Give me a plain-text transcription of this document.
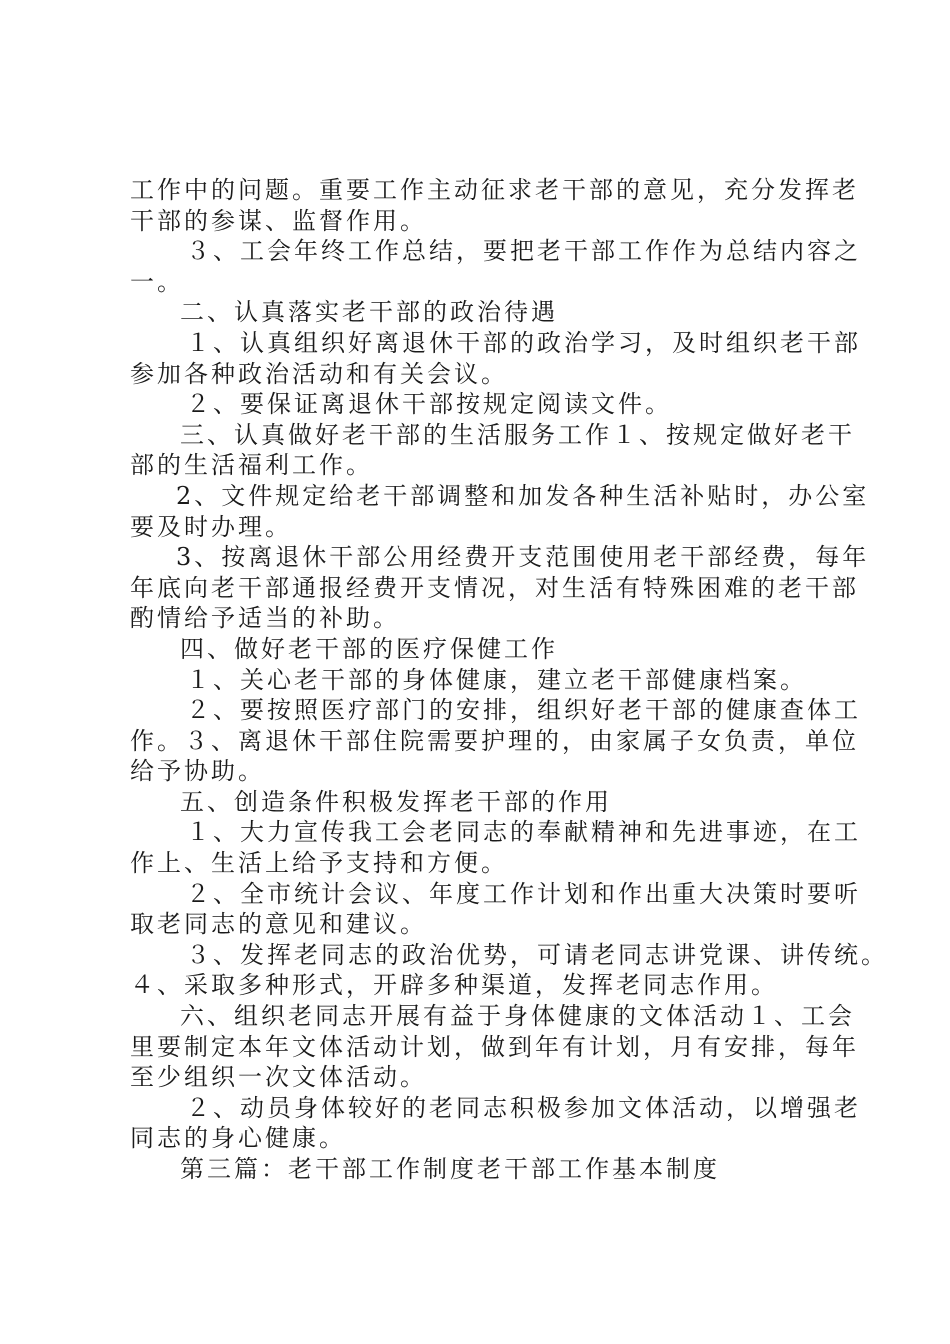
工作中的问题。重要工作主动征求老干部的意见，充分发挥老
干部的参谋、监督作用。
３、工会年终工作总结，要把老干部工作作为总结内容之
一。
二、认真落实老干部的政治待遇
１、认真组织好离退休干部的政治学习，及时组织老干部
参加各种政治活动和有关会议。
２、要保证离退休干部按规定阅读文件。
三、认真做好老干部的生活服务工作１、按规定做好老干
部的生活福利工作。
2、文件规定给老干部调整和加发各种生活补贴时，办公室
要及时办理。
3、按离退休干部公用经费开支范围使用老干部经费，每年
年底向老干部通报经费开支情况，对生活有特殊困难的老干部
酌情给予适当的补助。
四、做好老干部的医疗保健工作
１、关心老干部的身体健康，建立老干部健康档案。
２、要按照医疗部门的安排，组织好老干部的健康查体工
作。３、离退休干部住院需要护理的，由家属子女负责，单位
给予协助。
五、创造条件积极发挥老干部的作用
１、大力宣传我工会老同志的奉献精神和先进事迹，在工
作上、生活上给予支持和方便。
２、全市统计会议、年度工作计划和作出重大决策时要听
取老同志的意见和建议。
３、发挥老同志的政治优势，可请老同志讲党课、讲传统。
４、采取多种形式，开辟多种渠道，发挥老同志作用。
六、组织老同志开展有益于身体健康的文体活动１、工会
里要制定本年文体活动计划，做到年有计划，月有安排，每年
至少组织一次文体活动。
２、动员身体较好的老同志积极参加文体活动，以增强老
同志的身心健康。
第三篇：老干部工作制度老干部工作基本制度
